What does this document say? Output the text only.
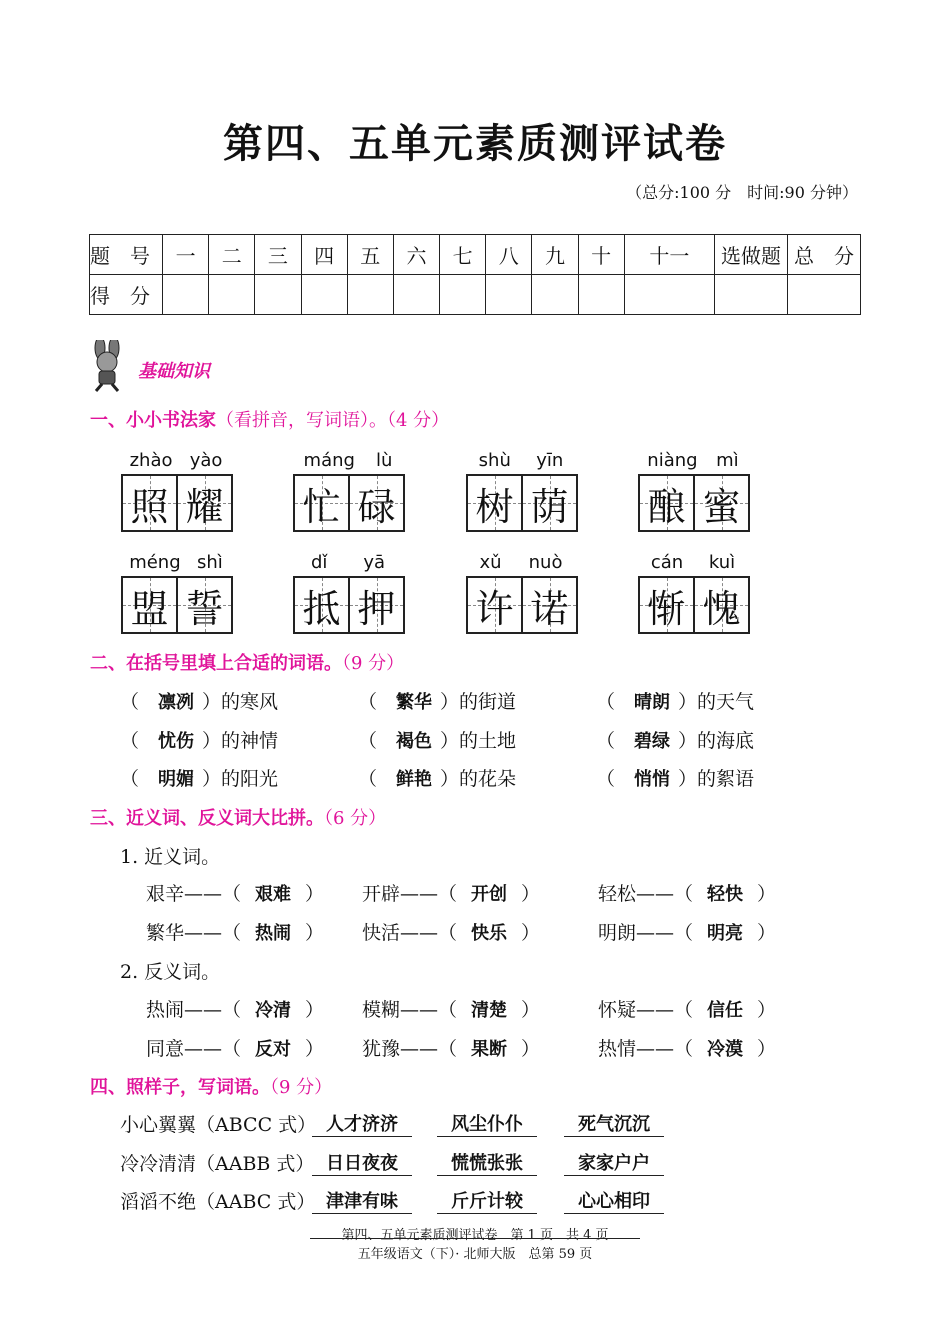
第四、五单元素质测评试卷
（总分:100 分　时间:90 分钟）
题　号	一	二	三	四	五	六	七	八	九	十	十一	选做题	总　分
得　分													
基础知识
一、小小书法家（看拼音，写词语）。（4 分）
zhào yào
照 耀
máng lù
忙 碌
shù yīn
树 荫
niàng mì
酿 蜜
méng shì
盟 誓
dǐ yā
抵 押
xǔ nuò
许 诺
cán kuì
惭 愧
二、在括号里填上合适的词语。（9 分）
（　凛冽 ）的寒风	（　繁华 ）的街道	（　晴朗 ）的天气
（　忧伤 ）的神情	（　褐色 ）的土地	（　碧绿 ）的海底
（　明媚 ）的阳光	（　鲜艳 ）的花朵	（　悄悄 ）的絮语
三、近义词、反义词大比拼。（6 分）
1. 近义词。
2. 反义词。
艰辛——（ 艰难 ） 开辟——（ 开创 ）	轻松——（ 轻快 ）
繁华——（ 热闹 ） 快活——（ 快乐 ）	明朗——（ 明亮 ）
热闹——（ 冷清 ） 模糊——（ 清楚 ）	怀疑——（ 信任 ）
同意——（ 反对 ） 犹豫——（ 果断 ）	热情——（ 冷漠 ）
四、照样子，写词语。（9 分）
小心翼翼（ABCC 式） 人才济济	风尘仆仆	死气沉沉
冷冷清清（AABB 式） 日日夜夜	慌慌张张	家家户户
滔滔不绝（AABC 式） 津津有味	斤斤计较	心心相印
第四、五单元素质测评试卷　第 1 页　共 4 页
五年级语文（下）· 北师大版　总第 59 页
